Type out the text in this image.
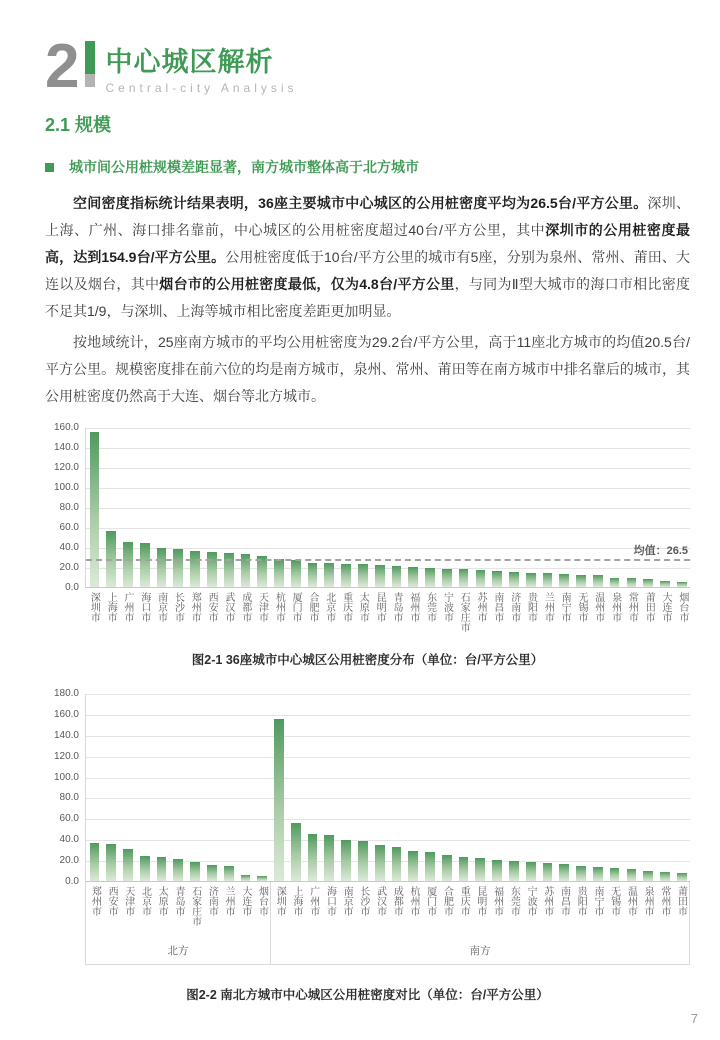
2 中心城区解析
Central-city Analysis
2.1 规模
城市间公用桩规模差距显著，南方城市整体高于北方城市

空间密度指标统计结果表明，36座主要城市中心城区的公用桩密度平均为26.5台/平方公里。深圳、上海、广州、海口排名靠前，中心城区的公用桩密度超过40台/平方公里，其中深圳市的公用桩密度最高，达到154.9台/平方公里。公用桩密度低于10台/平方公里的城市有5座，分别为泉州、常州、莆田、大连以及烟台，其中烟台市的公用桩密度最低，仅为4.8台/平方公里，与同为Ⅱ型大城市的海口市相比密度不足其1/9，与深圳、上海等城市相比密度差距更加明显。

按地域统计，25座南方城市的平均公用桩密度为29.2台/平方公里，高于11座北方城市的均值20.5台/平方公里。规模密度排在前六位的均是南方城市，泉州、常州、莆田等在南方城市中排名靠后的城市，其公用桩密度仍然高于大连、烟台等北方城市。

160.0
140.0
120.0
100.0
80.0
60.0
40.0
20.0
0.0
均值：26.5
深圳市 上海市 广州市 海口市 南京市 长沙市 郑州市 西安市 武汉市 成都市 天津市 杭州市 厦门市 合肥市 北京市 重庆市 太原市 昆明市 青岛市 福州市 东莞市 宁波市 石家庄市 苏州市 南昌市 济南市 贵阳市 兰州市 南宁市 无锡市 温州市 泉州市 常州市 莆田市 大连市 烟台市
图2-1 36座城市中心城区公用桩密度分布（单位：台/平方公里）
180.0
160.0
140.0
120.0
100.0
80.0
60.0
40.0
20.0
0.0
郑州市 西安市 天津市 北京市 太原市 青岛市 石家庄市 济南市 兰州市 大连市 烟台市
北方
深圳市 上海市 广州市 海口市 南京市 长沙市 武汉市 成都市 杭州市 厦门市 合肥市 重庆市 昆明市 福州市 东莞市 宁波市 苏州市 南昌市 贵阳市 南宁市 无锡市 温州市 泉州市 常州市 莆田市
南方
图2-2 南北方城市中心城区公用桩密度对比（单位：台/平方公里）
7
